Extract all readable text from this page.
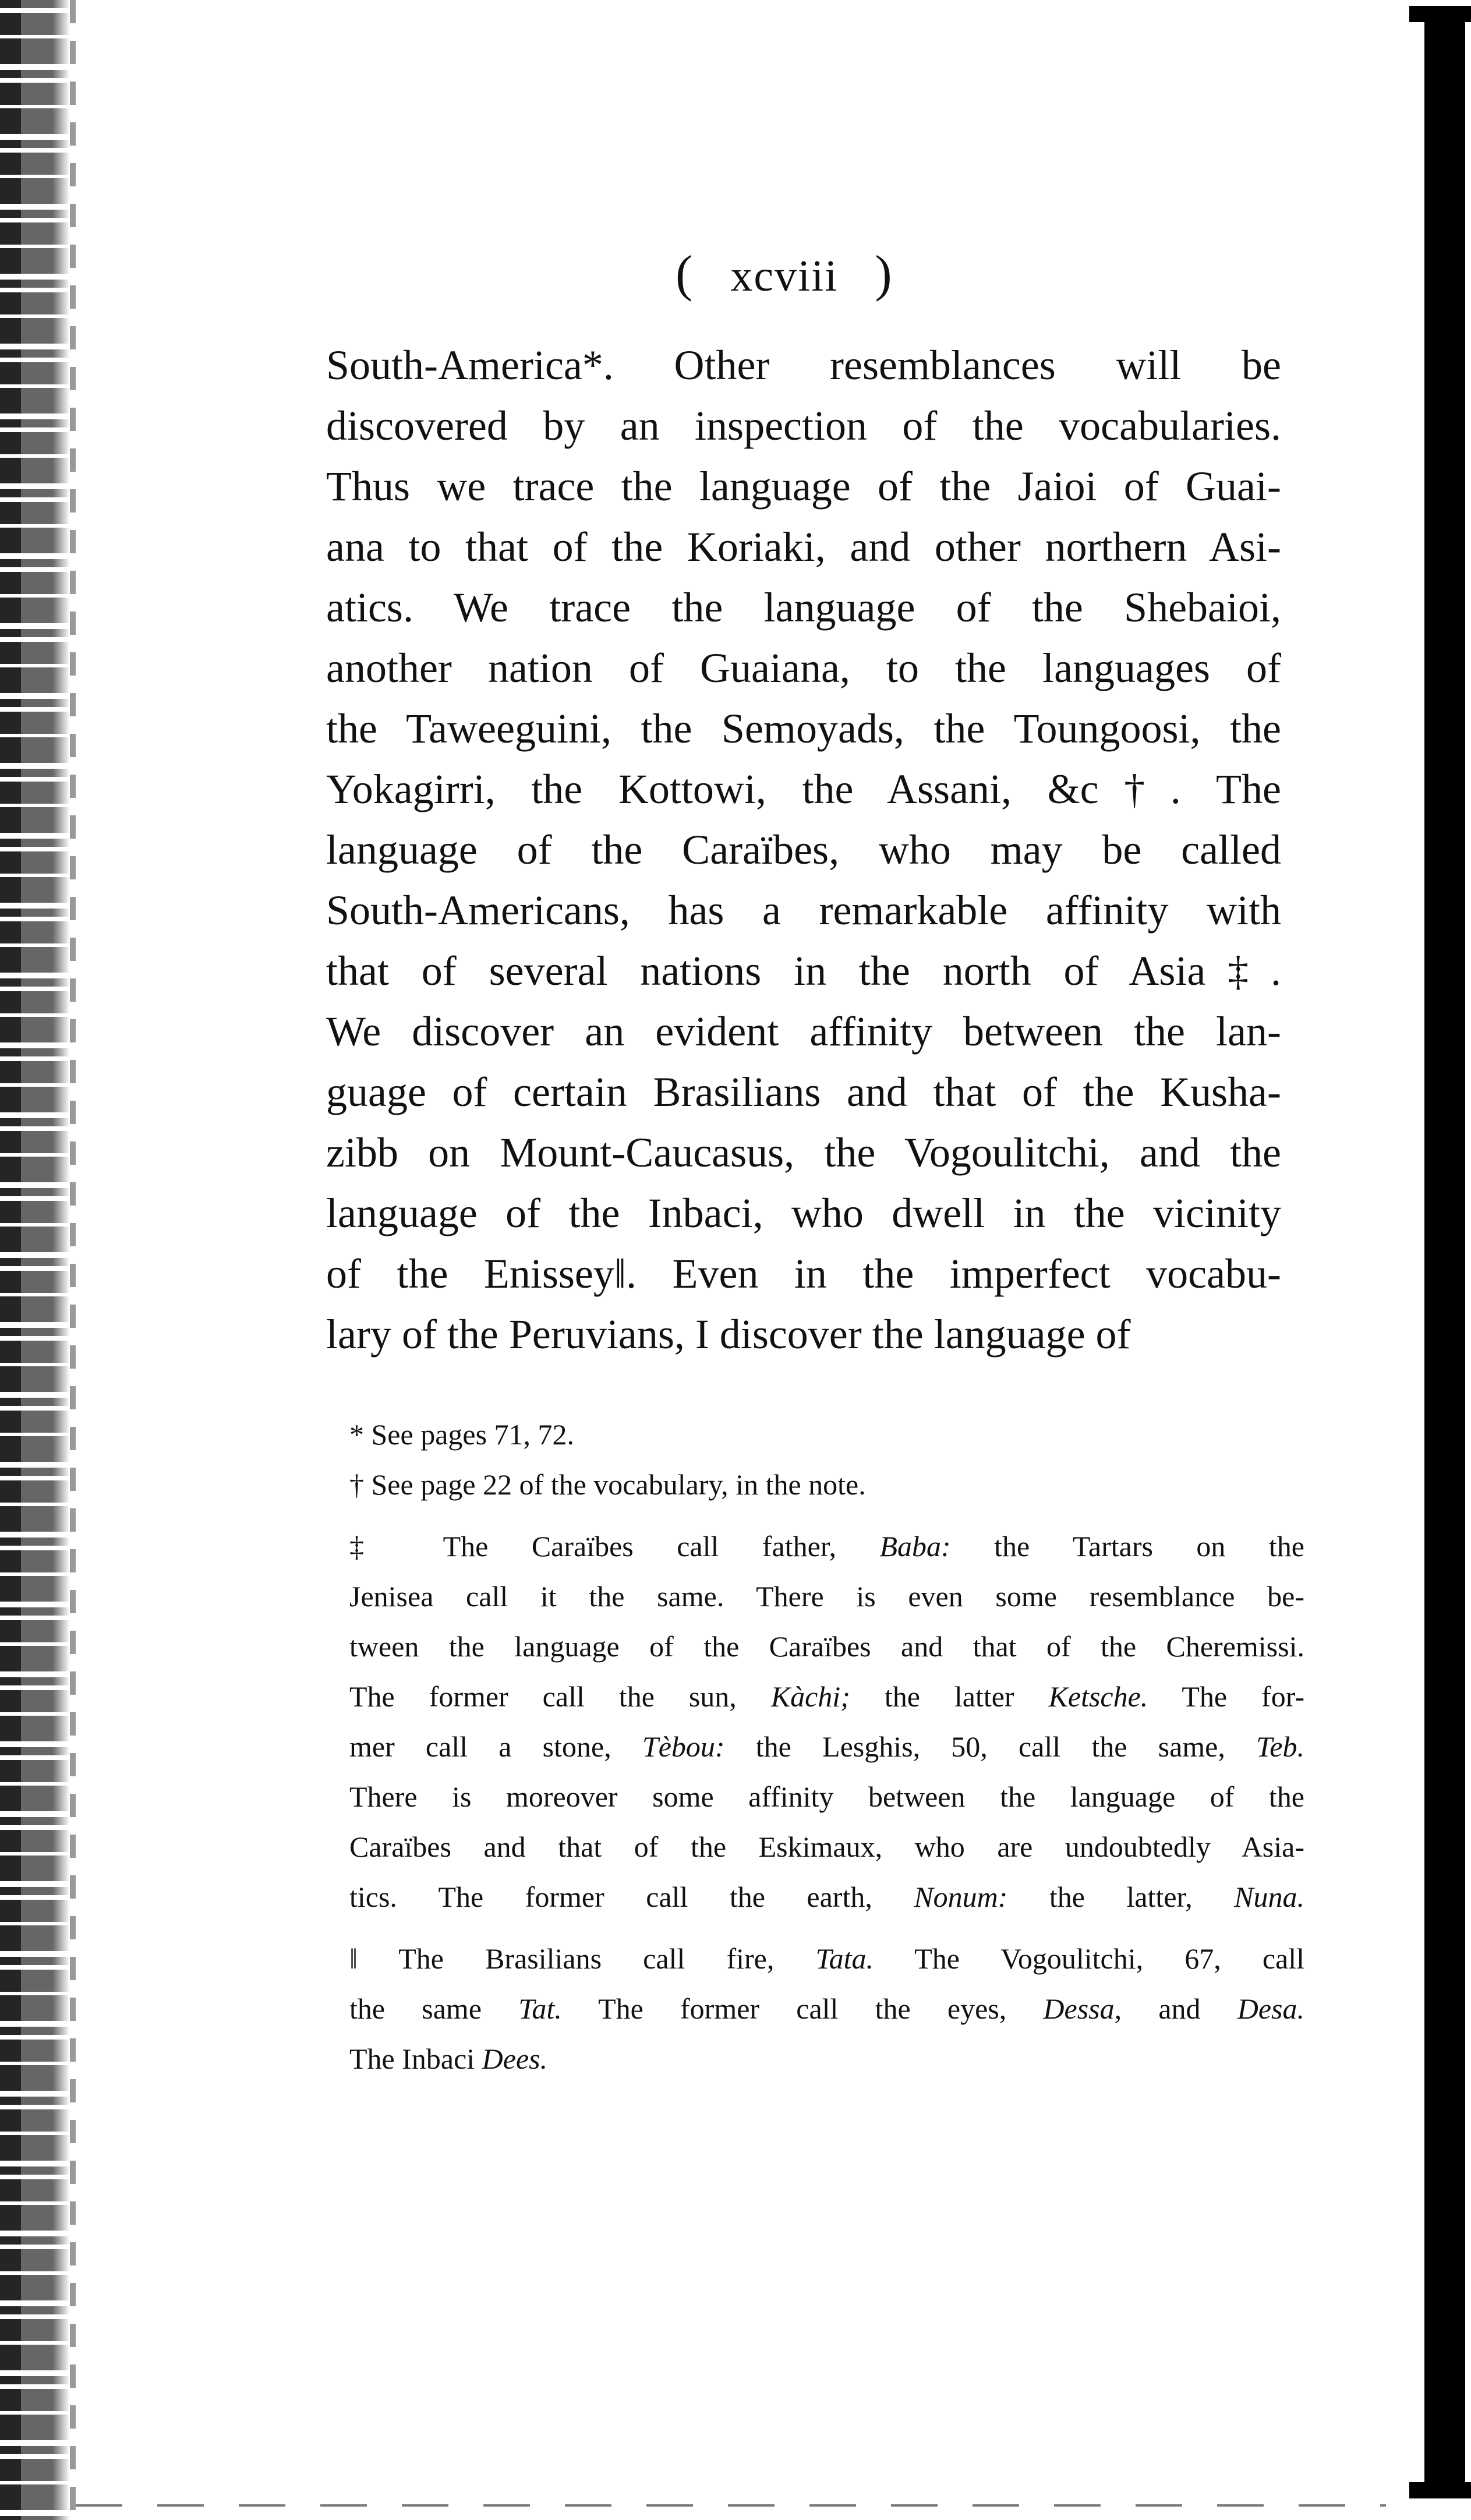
( xcviii )
South-America*. Other resemblances will be
discovered by an inspection of the vocabularies.
Thus we trace the language of the Jaioi of Guai-
ana to that of the Koriaki, and other northern Asi-
atics. We trace the language of the Shebaioi,
another nation of Guaiana, to the languages of
the Taweeguini, the Semoyads, the Toungoosi, the
Yokagirri, the Kottowi, the Assani, &c†. The
language of the Caraïbes, who may be called
South-Americans, has a remarkable affinity with
that of several nations in the north of Asia‡.
We discover an evident affinity between the lan-
guage of certain Brasilians and that of the Kusha-
zibb on Mount-Caucasus, the Vogoulitchi, and the
language of the Inbaci, who dwell in the vicinity
of the Enissey‖. Even in the imperfect vocabu-
lary of the Peruvians, I discover the language of
* See pages 71, 72.
† See page 22 of the vocabulary, in the note.
‡ The Caraïbes call father, Baba: the Tartars on the
Jenisea call it the same. There is even some resemblance be-
tween the language of the Caraïbes and that of the Cheremissi.
The former call the sun, Kàchi; the latter Ketsche. The for-
mer call a stone, Tèbou: the Lesghis, 50, call the same, Teb.
There is moreover some affinity between the language of the
Caraïbes and that of the Eskimaux, who are undoubtedly Asia-
tics. The former call the earth, Nonum: the latter, Nuna.
‖ The Brasilians call fire, Tata. The Vogoulitchi, 67, call
the same Tat. The former call the eyes, Dessa, and Desa.
The Inbaci Dees.
